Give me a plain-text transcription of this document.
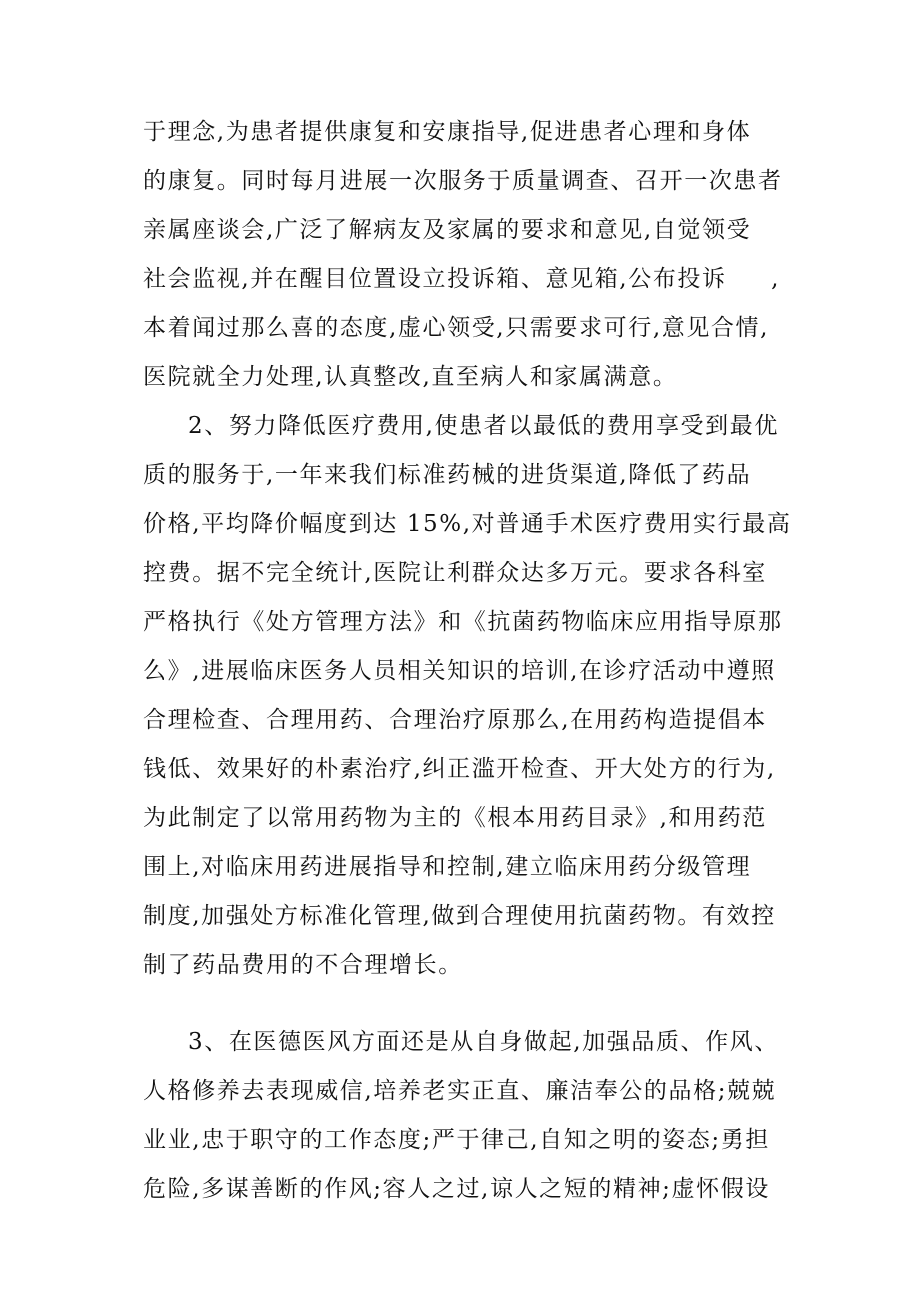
于理念,为患者提供康复和安康指导,促进患者心理和身体
的康复。同时每月进展一次服务于质量调查、召开一次患者
亲属座谈会,广泛了解病友及家属的要求和意见,自觉领受
社会监视,并在醒目位置设立投诉箱、意见箱,公布投诉     ,
本着闻过那么喜的态度,虚心领受,只需要求可行,意见合情,
医院就全力处理,认真整改,直至病人和家属满意。
2、努力降低医疗费用,使患者以最低的费用享受到最优
质的服务于,一年来我们标准药械的进货渠道,降低了药品
价格,平均降价幅度到达 15%,对普通手术医疗费用实行最高
控费。据不完全统计,医院让利群众达多万元。要求各科室
严格执行《处方管理方法》和《抗菌药物临床应用指导原那
么》,进展临床医务人员相关知识的培训,在诊疗活动中遵照
合理检查、合理用药、合理治疗原那么,在用药构造提倡本
钱低、效果好的朴素治疗,纠正滥开检查、开大处方的行为,
为此制定了以常用药物为主的《根本用药目录》,和用药范
围上,对临床用药进展指导和控制,建立临床用药分级管理
制度,加强处方标准化管理,做到合理使用抗菌药物。有效控
制了药品费用的不合理增长。
3、在医德医风方面还是从自身做起,加强品质、作风、
人格修养去表现威信,培养老实正直、廉洁奉公的品格;兢兢
业业,忠于职守的工作态度;严于律己,自知之明的姿态;勇担
危险,多谋善断的作风;容人之过,谅人之短的精神;虚怀假设
